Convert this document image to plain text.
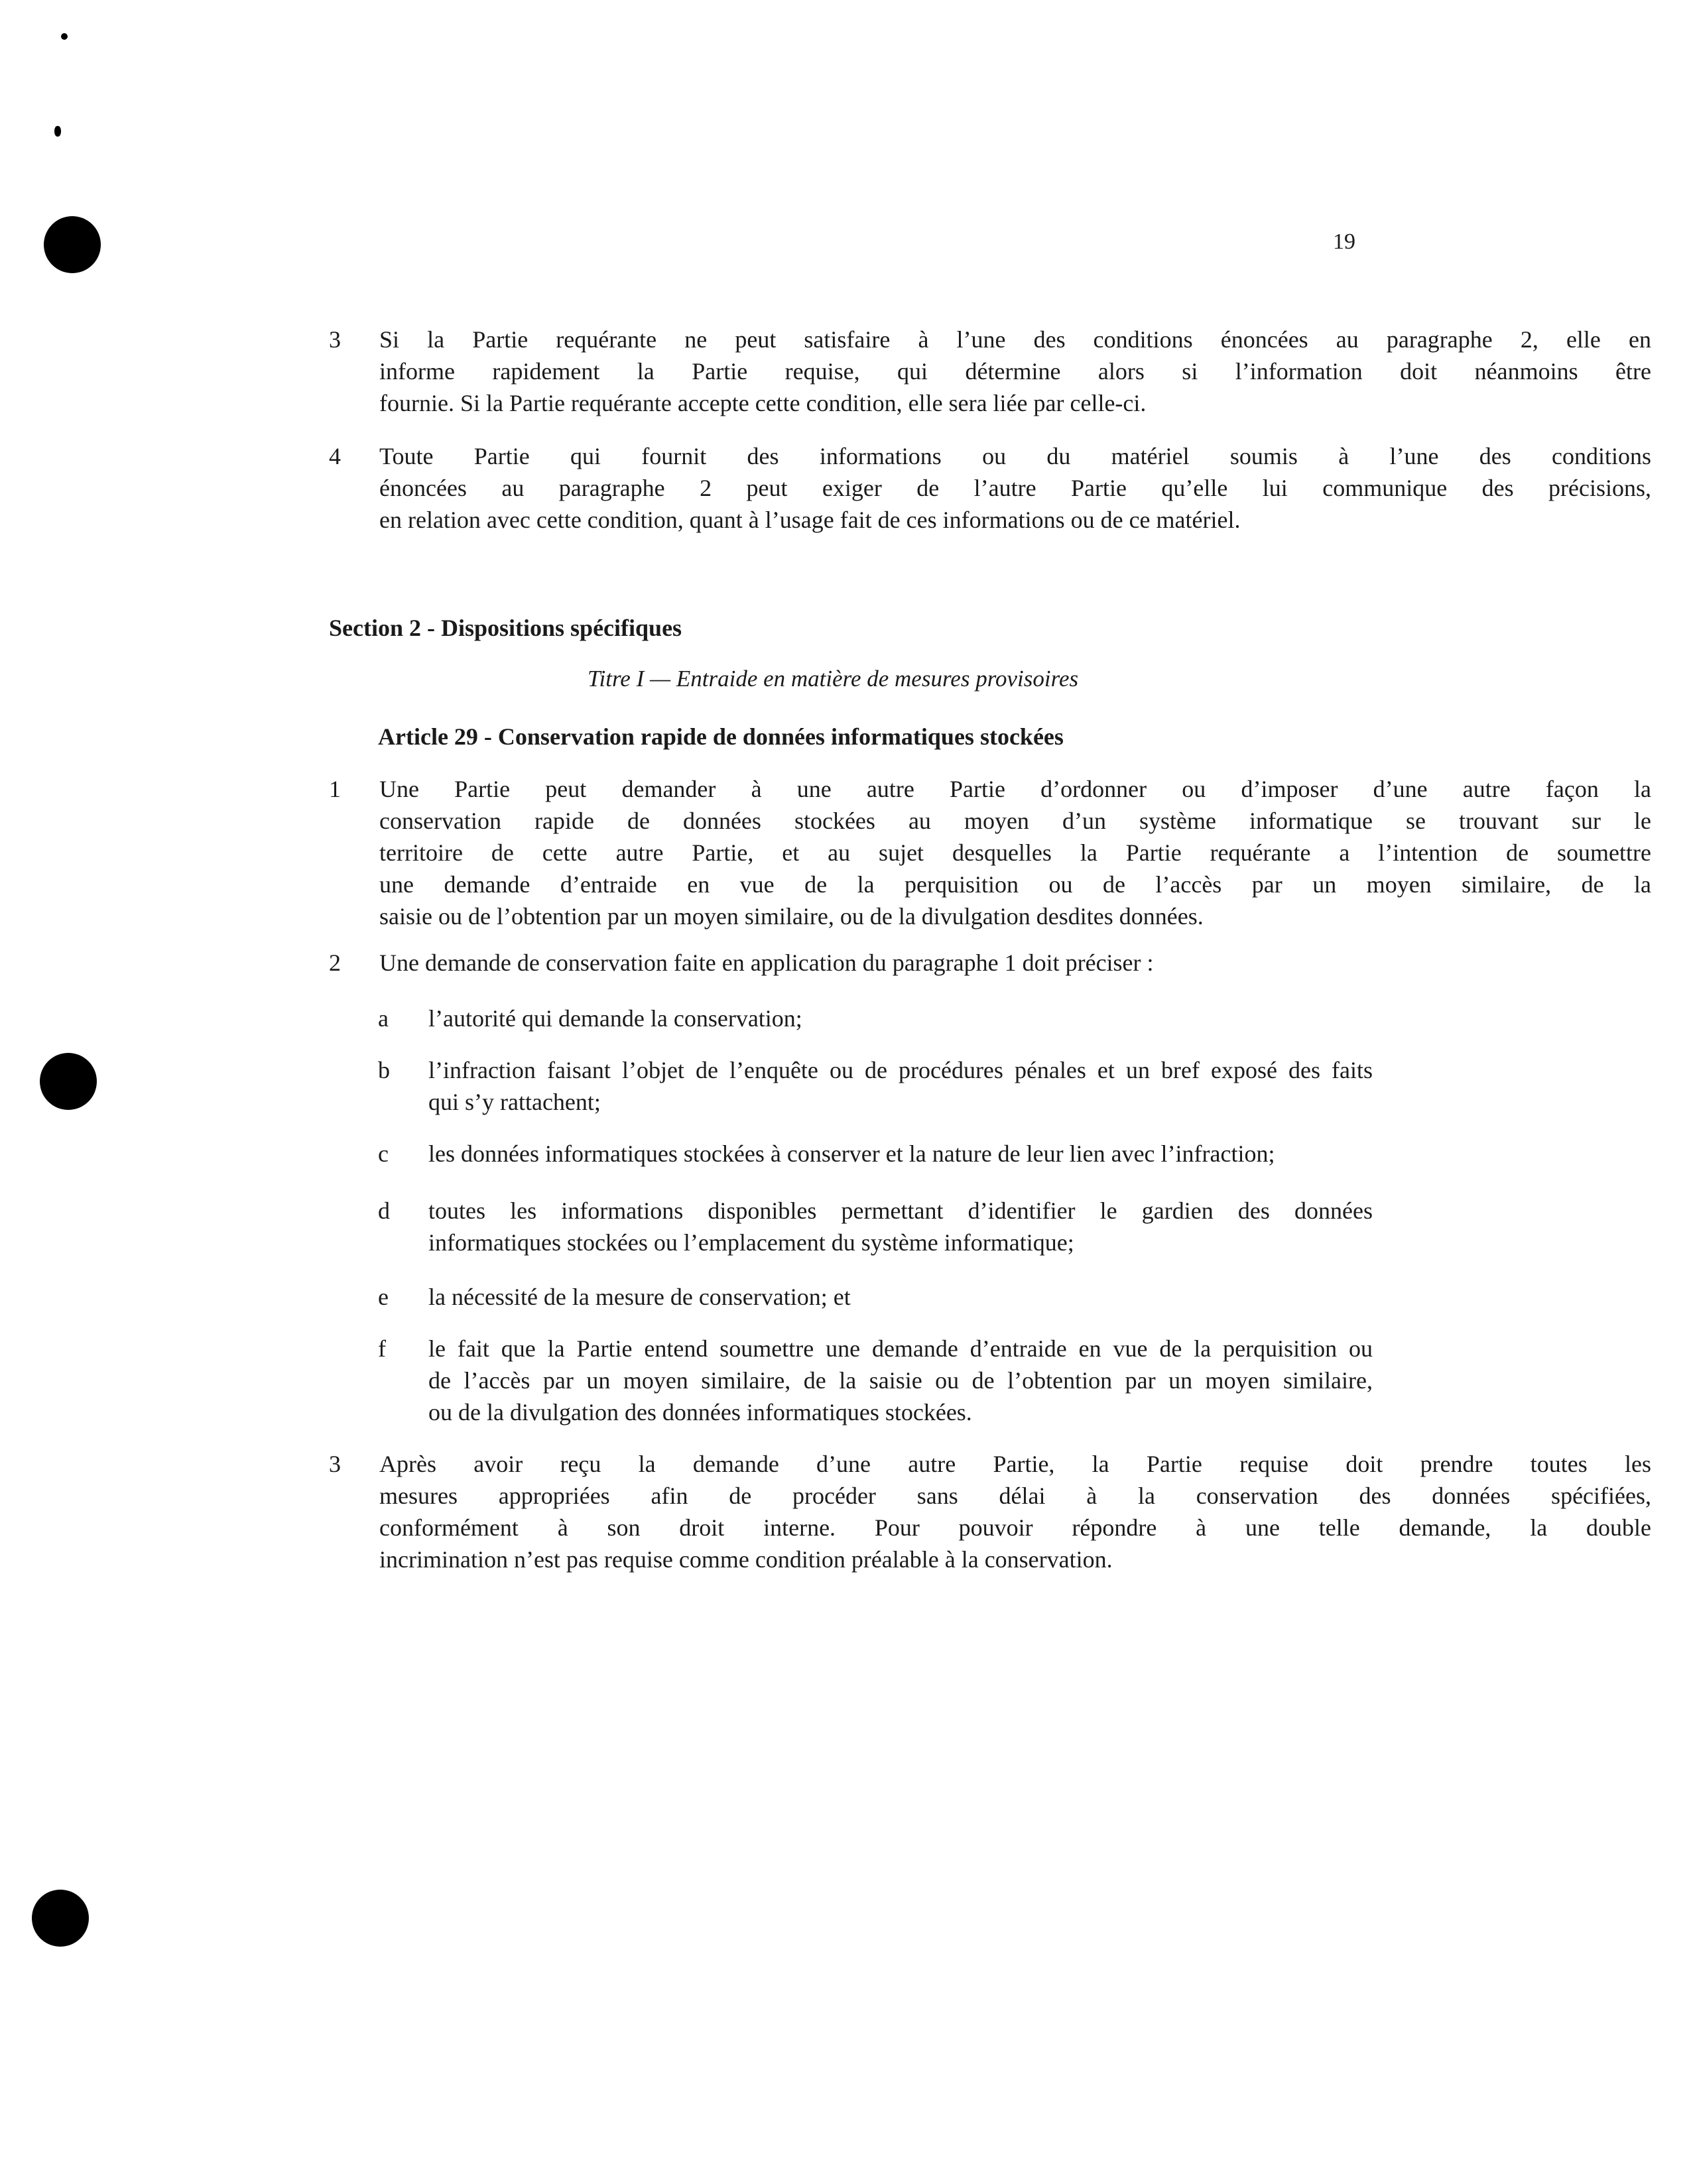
19
3 Si la Partie requérante ne peut satisfaire à l’une des conditions énoncées au paragraphe 2, elle en
informe rapidement la Partie requise, qui détermine alors si l’information doit néanmoins être
fournie. Si la Partie requérante accepte cette condition, elle sera liée par celle-ci.
4 Toute Partie qui fournit des informations ou du matériel soumis à l’une des conditions
énoncées au paragraphe 2 peut exiger de l’autre Partie qu’elle lui communique des précisions,
en relation avec cette condition, quant à l’usage fait de ces informations ou de ce matériel.
Section 2 - Dispositions spécifiques
Titre I — Entraide en matière de mesures provisoires
Article 29 - Conservation rapide de données informatiques stockées
1 Une Partie peut demander à une autre Partie d’ordonner ou d’imposer d’une autre façon la
conservation rapide de données stockées au moyen d’un système informatique se trouvant sur le
territoire de cette autre Partie, et au sujet desquelles la Partie requérante a l’intention de soumettre
une demande d’entraide en vue de la perquisition ou de l’accès par un moyen similaire, de la
saisie ou de l’obtention par un moyen similaire, ou de la divulgation desdites données.
2 Une demande de conservation faite en application du paragraphe 1 doit préciser :
a l’autorité qui demande la conservation;
b l’infraction faisant l’objet de l’enquête ou de procédures pénales et un bref exposé des faits
qui s’y rattachent;
c les données informatiques stockées à conserver et la nature de leur lien avec l’infraction;
d toutes les informations disponibles permettant d’identifier le gardien des données
informatiques stockées ou l’emplacement du système informatique;
e la nécessité de la mesure de conservation; et
f le fait que la Partie entend soumettre une demande d’entraide en vue de la perquisition ou
de l’accès par un moyen similaire, de la saisie ou de l’obtention par un moyen similaire,
ou de la divulgation des données informatiques stockées.
3 Après avoir reçu la demande d’une autre Partie, la Partie requise doit prendre toutes les
mesures appropriées afin de procéder sans délai à la conservation des données spécifiées,
conformément à son droit interne. Pour pouvoir répondre à une telle demande, la double
incrimination n’est pas requise comme condition préalable à la conservation.
